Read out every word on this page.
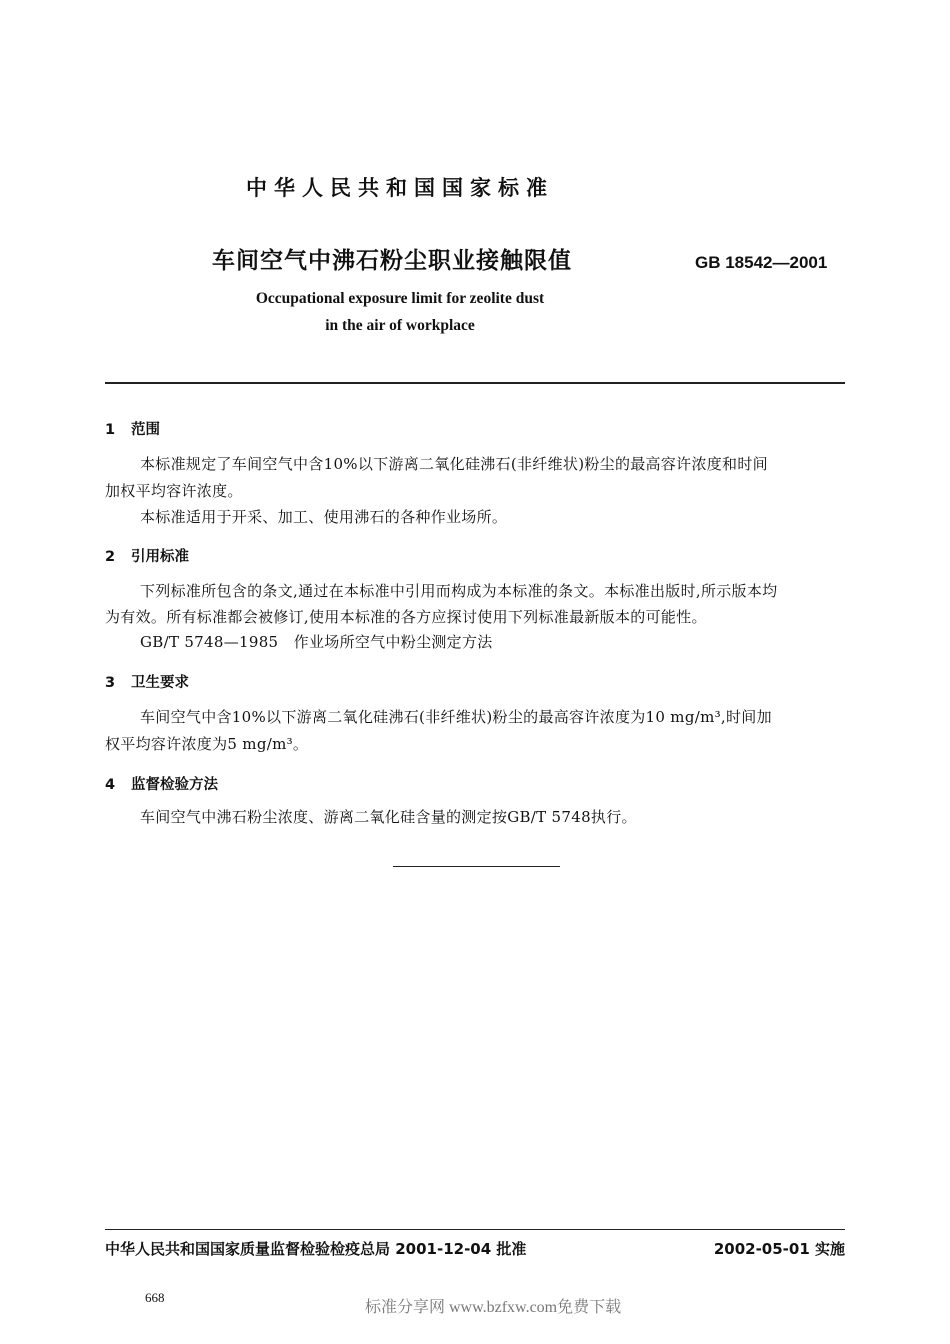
中华人民共和国国家标准
车间空气中沸石粉尘职业接触限值	GB 18542—2001
Occupational exposure limit for zeolite dust
in the air of workplace
1 范围
本标准规定了车间空气中含10%以下游离二氧化硅沸石(非纤维状)粉尘的最高容许浓度和时间
加权平均容许浓度。
本标准适用于开采、加工、使用沸石的各种作业场所。
2 引用标准
下列标准所包含的条文,通过在本标准中引用而构成为本标准的条文。本标准出版时,所示版本均
为有效。所有标准都会被修订,使用本标准的各方应探讨使用下列标准最新版本的可能性。
GB/T 5748—1985　作业场所空气中粉尘测定方法
3 卫生要求
车间空气中含10%以下游离二氧化硅沸石(非纤维状)粉尘的最高容许浓度为10 mg/m³,时间加
权平均容许浓度为5 mg/m³。
4 监督检验方法
车间空气中沸石粉尘浓度、游离二氧化硅含量的测定按GB/T 5748执行。
中华人民共和国国家质量监督检验检疫总局 2001-12-04 批准	2002-05-01 实施
668
标准分享网 www.bzfxw.com免费下载
